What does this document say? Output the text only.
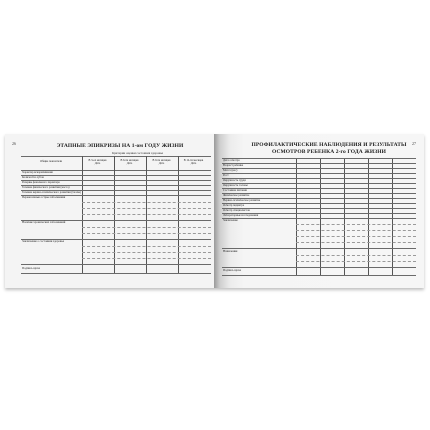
26	ЭТАПНЫЕ ЭПИКРИЗЫ НА 1-ом ГОДУ ЖИЗНИ
Критерии оценки состояния здоровья
Общие показатели	В 3-ох месяцев
Дата
В 6-ти месяцев
Дата
В 9-ти месяцев
Дата
В 12-ти месяцев
Дата
Характер вскармливания
Количество зубов
Резервы фекального характера
Течение физического развития (масса)
Течение нервно-психического развития (баллы)
Перенесенные острые заболевания
Наличие хронических заболеваний
Заключение о состоянии здоровья
Подпись врача
27
ПРОФИЛАКТИЧЕСКИЕ НАБЛЮДЕНИЯ И РЕЗУЛЬТАТЫ
ОСМОТРОВ РЕБЕНКА 2-го ГОДА ЖИЗНИ
Дата осмотра
Возраст ребенка
Масса (вес)
Рост
Окружность груди
Окружность головы
Состояние питания
Физическое развитие
Нервно-психическое развитие
Осмотр педиатра
Осмотр специалистов
Лабораторные исследования
Заключение
Назначения
Подпись врача
